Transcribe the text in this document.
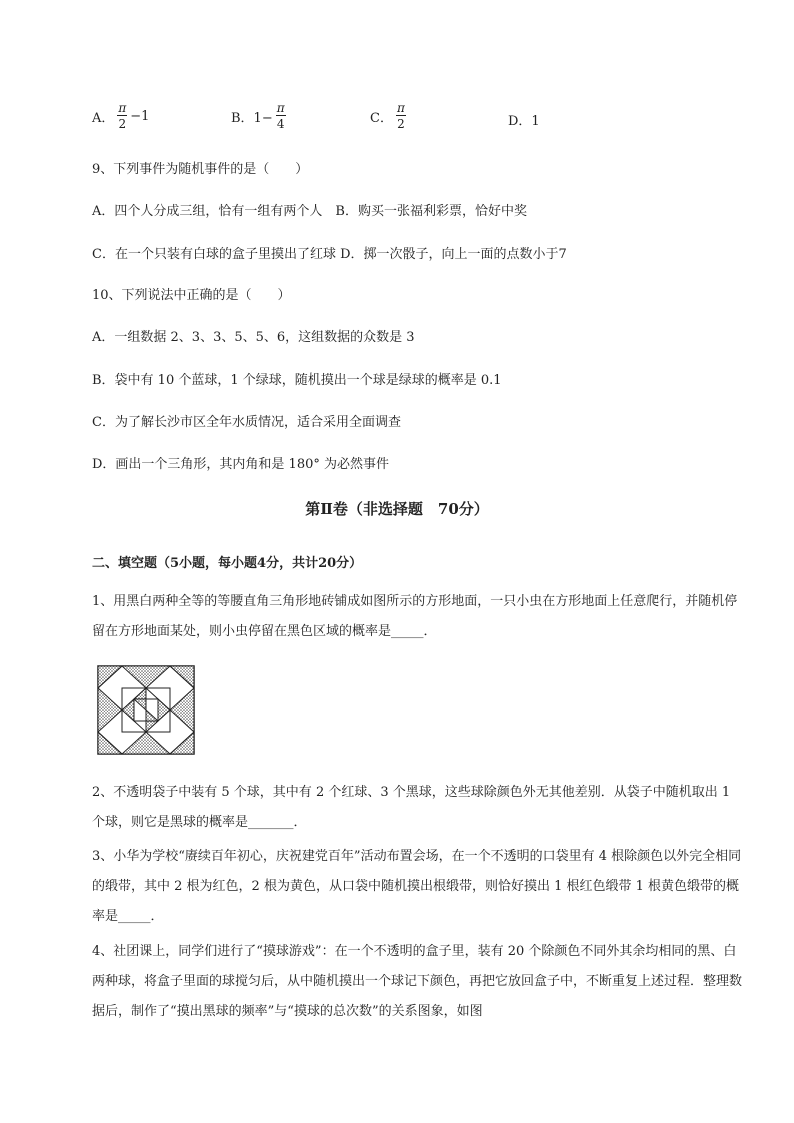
A． $\frac{\pi}{2} -1$	B．$1- \frac{\pi}{4}$	C． $\frac{\pi}{2}$	D．1
9、下列事件为随机事件的是（　　）
A．四个人分成三组，恰有一组有两个人　B．购买一张福利彩票，恰好中奖
C．在一个只装有白球的盒子里摸出了红球 D．掷一次骰子，向上一面的点数小于7
10、下列说法中正确的是（　　）
A．一组数据 2、3、3、5、5、6，这组数据的众数是 3
B．袋中有 10 个蓝球，1 个绿球，随机摸出一个球是绿球的概率是 0.1
C．为了解长沙市区全年水质情况，适合采用全面调查
D．画出一个三角形，其内角和是 180° 为必然事件
第Ⅱ卷（非选择题　70分）
二、填空题（5小题，每小题4分，共计20分）
1、用黑白两种全等的等腰直角三角形地砖铺成如图所示的方形地面，一只小虫在方形地面上任意爬行，并随机停留在方形地面某处，则小虫停留在黑色区域的概率是_____．
2、不透明袋子中装有 5 个球，其中有 2 个红球、3 个黑球，这些球除颜色外无其他差别．从袋子中随机取出 1 个球，则它是黑球的概率是_______．
3、小华为学校“赓续百年初心，庆祝建党百年”活动布置会场，在一个不透明的口袋里有 4 根除颜色以外完全相同的缎带，其中 2 根为红色，2 根为黄色，从口袋中随机摸出根缎带，则恰好摸出 1 根红色缎带 1 根黄色缎带的概率是_____．
4、社团课上，同学们进行了“摸球游戏”：在一个不透明的盒子里，装有 20 个除颜色不同外其余均相同的黑、白两种球，将盒子里面的球搅匀后，从中随机摸出一个球记下颜色，再把它放回盒子中，不断重复上述过程．整理数据后，制作了“摸出黑球的频率”与“摸球的总次数”的关系图象，如图
